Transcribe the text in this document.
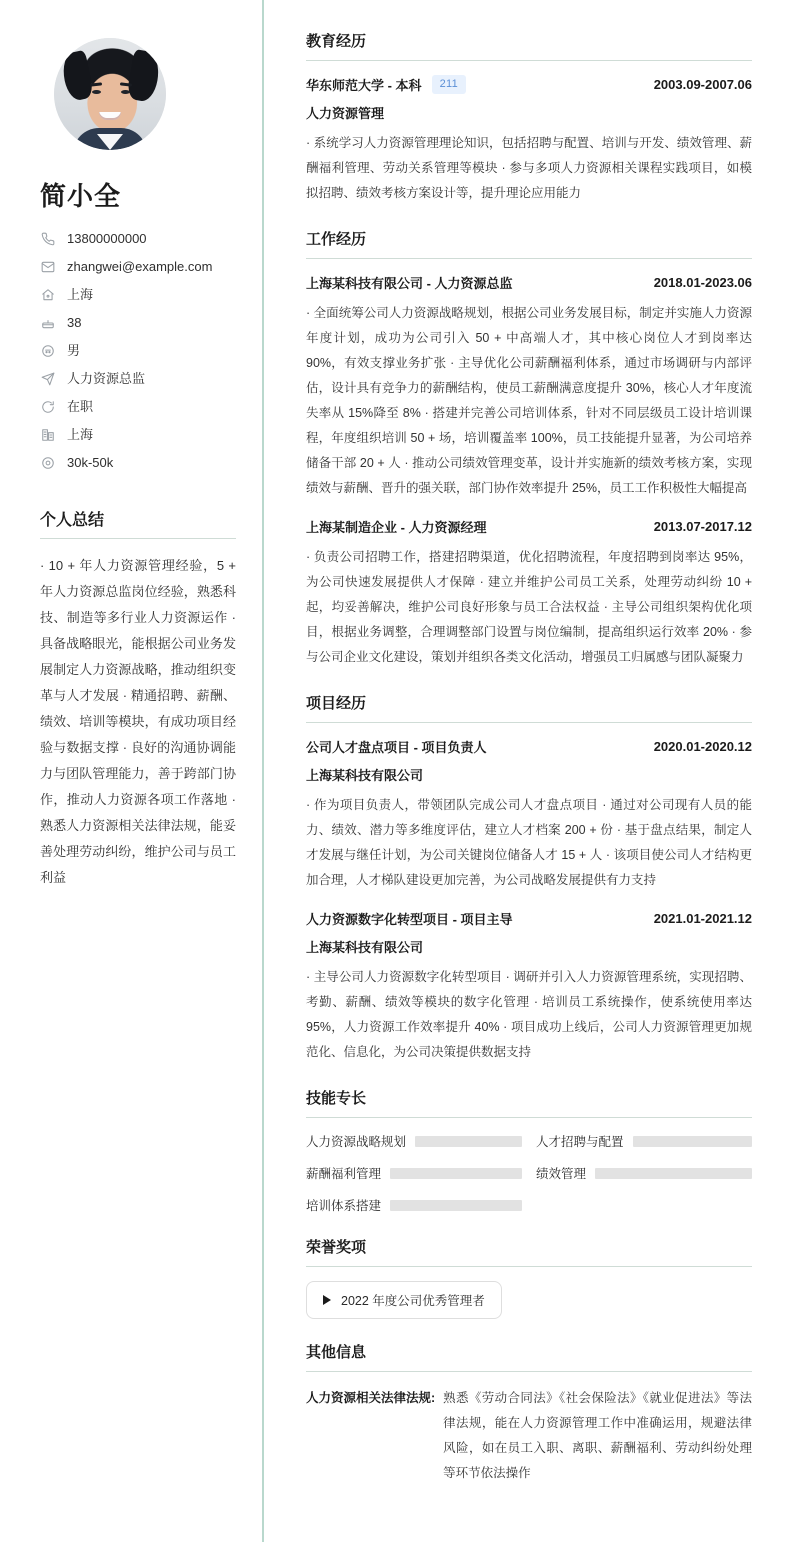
简小全
13800000000
zhangwei@example.com
上海
38
男
人力资源总监
在职
上海
30k-50k
个人总结

· 10 + 年人力资源管理经验，5 + 年人力资源总监岗位经验，熟悉科技、制造等多行业人力资源运作 · 具备战略眼光，能根据公司业务发展制定人力资源战略，推动组织变革与人才发展 · 精通招聘、薪酬、绩效、培训等模块，有成功项目经验与数据支撑 · 良好的沟通协调能力与团队管理能力，善于跨部门协作，推动人力资源各项工作落地 · 熟悉人力资源相关法律法规，能妥善处理劳动纠纷，维护公司与员工利益

教育经历
华东师范大学 - 本科	211	2003.09-2007.06
人力资源管理

· 系统学习人力资源管理理论知识，包括招聘与配置、培训与开发、绩效管理、薪酬福利管理、劳动关系管理等模块 · 参与多项人力资源相关课程实践项目，如模拟招聘、绩效考核方案设计等，提升理论应用能力

工作经历
上海某科技有限公司 - 人力资源总监	2018.01-2023.06

· 全面统筹公司人力资源战略规划，根据公司业务发展目标，制定并实施人力资源年度计划，成功为公司引入 50 + 中高端人才，其中核心岗位人才到岗率达 90%，有效支撑业务扩张 · 主导优化公司薪酬福利体系，通过市场调研与内部评估，设计具有竞争力的薪酬结构，使员工薪酬满意度提升 30%，核心人才年度流失率从 15%降至 8% · 搭建并完善公司培训体系，针对不同层级员工设计培训课程，年度组织培训 50 + 场，培训覆盖率 100%，员工技能提升显著，为公司培养储备干部 20 + 人 · 推动公司绩效管理变革，设计并实施新的绩效考核方案，实现绩效与薪酬、晋升的强关联，部门协作效率提升 25%，员工工作积极性大幅提高

上海某制造企业 - 人力资源经理	2013.07-2017.12

· 负责公司招聘工作，搭建招聘渠道，优化招聘流程，年度招聘到岗率达 95%，为公司快速发展提供人才保障 · 建立并维护公司员工关系，处理劳动纠纷 10 + 起，均妥善解决，维护公司良好形象与员工合法权益 · 主导公司组织架构优化项目，根据业务调整，合理调整部门设置与岗位编制，提高组织运行效率 20% · 参与公司企业文化建设，策划并组织各类文化活动，增强员工归属感与团队凝聚力

项目经历
公司人才盘点项目 - 项目负责人	2020.01-2020.12
上海某科技有限公司

· 作为项目负责人，带领团队完成公司人才盘点项目 · 通过对公司现有人员的能力、绩效、潜力等多维度评估，建立人才档案 200 + 份 · 基于盘点结果，制定人才发展与继任计划，为公司关键岗位储备人才 15 + 人 · 该项目使公司人才结构更加合理，人才梯队建设更加完善，为公司战略发展提供有力支持

人力资源数字化转型项目 - 项目主导	2021.01-2021.12
上海某科技有限公司

· 主导公司人力资源数字化转型项目 · 调研并引入人力资源管理系统，实现招聘、考勤、薪酬、绩效等模块的数字化管理 · 培训员工系统操作，使系统使用率达 95%，人力资源工作效率提升 40% · 项目成功上线后，公司人力资源管理更加规范化、信息化，为公司决策提供数据支持

技能专长
人力资源战略规划	人才招聘与配置
薪酬福利管理	绩效管理
培训体系搭建
荣誉奖项
2022 年度公司优秀管理者
其他信息
人力资源相关法律法规: 熟悉《劳动合同法》《社会保险法》《就业促进法》等法律法规，能在人力资源管理工作中准确运用，规避法律风险，如在员工入职、离职、薪酬福利、劳动纠纷处理等环节依法操作
